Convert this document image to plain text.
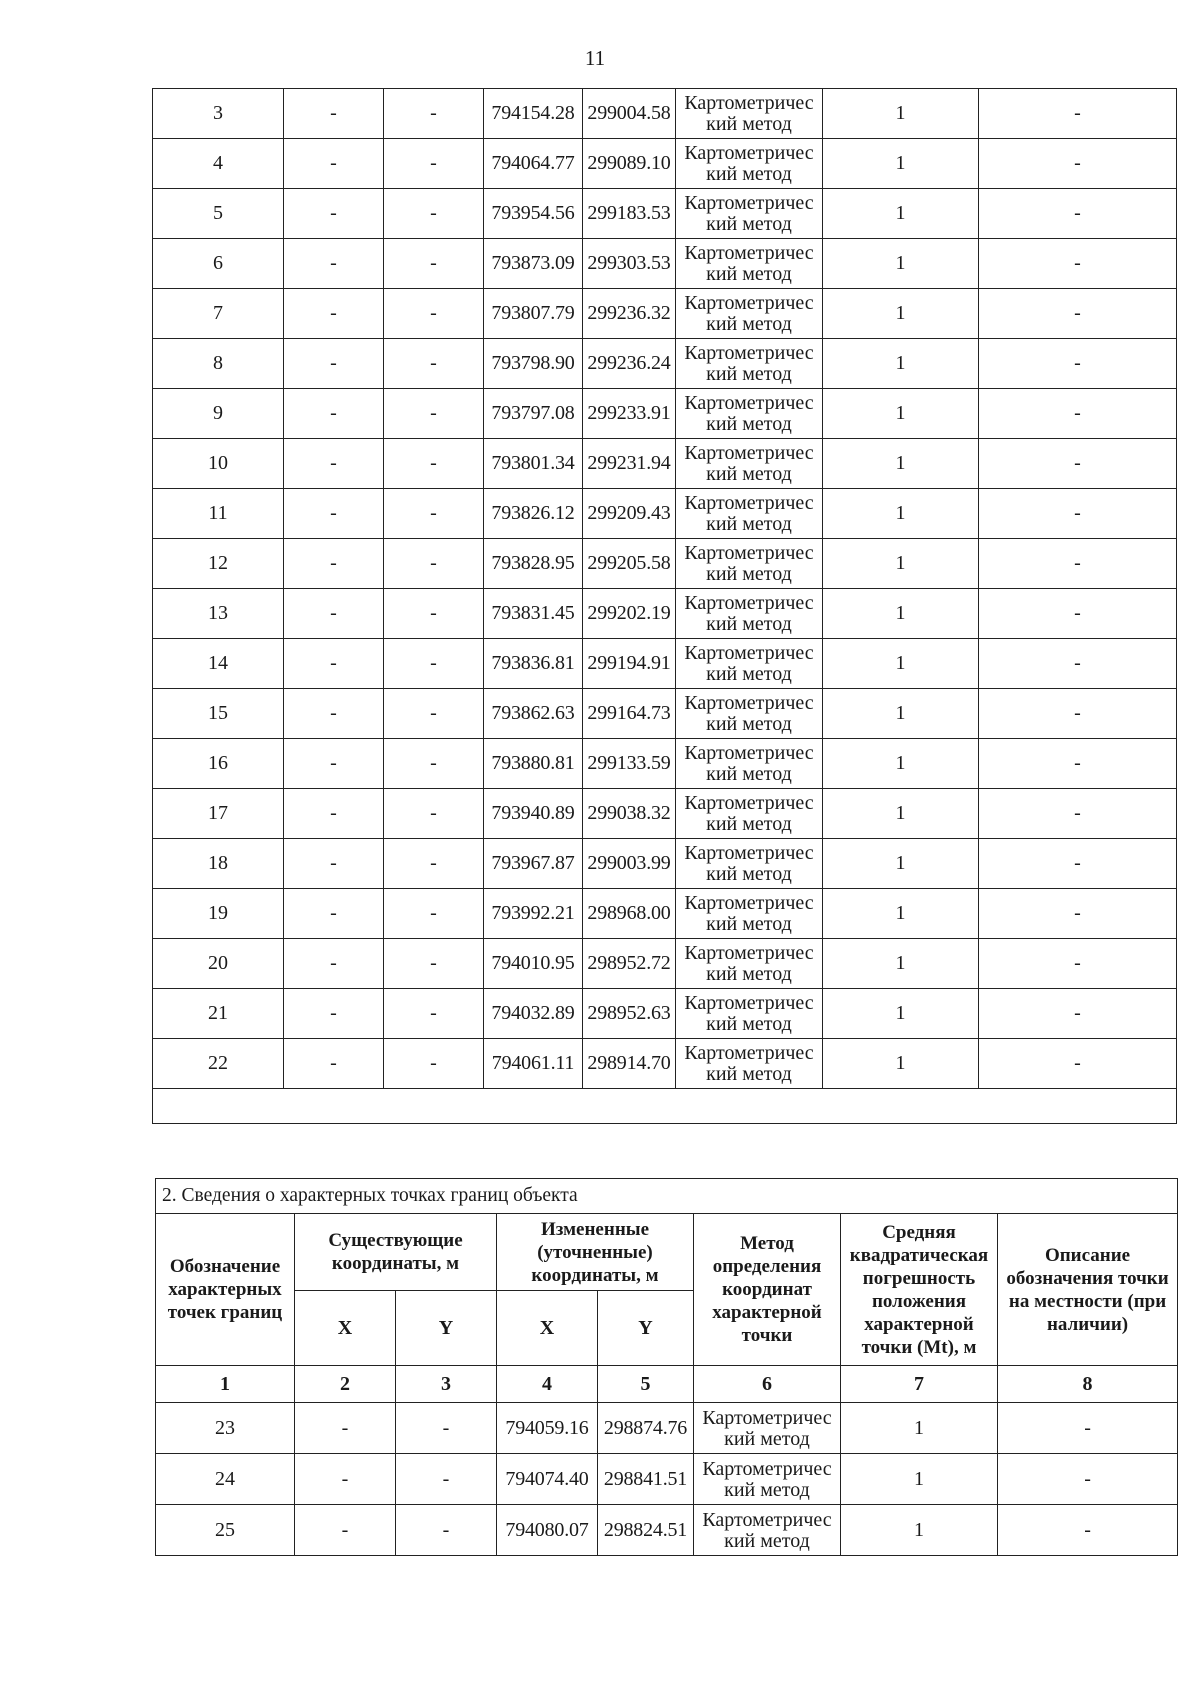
11
3	-	-	794154.28	299004.58	Картометричес
кий метод	1	-
4	-	-	794064.77	299089.10	Картометричес
кий метод	1	-
5	-	-	793954.56	299183.53	Картометричес
кий метод	1	-
6	-	-	793873.09	299303.53	Картометричес
кий метод	1	-
7	-	-	793807.79	299236.32	Картометричес
кий метод	1	-
8	-	-	793798.90	299236.24	Картометричес
кий метод	1	-
9	-	-	793797.08	299233.91	Картометричес
кий метод	1	-
10	-	-	793801.34	299231.94	Картометричес
кий метод	1	-
11	-	-	793826.12	299209.43	Картометричес
кий метод	1	-
12	-	-	793828.95	299205.58	Картометричес
кий метод	1	-
13	-	-	793831.45	299202.19	Картометричес
кий метод	1	-
14	-	-	793836.81	299194.91	Картометричес
кий метод	1	-
15	-	-	793862.63	299164.73	Картометричес
кий метод	1	-
16	-	-	793880.81	299133.59	Картометричес
кий метод	1	-
17	-	-	793940.89	299038.32	Картометричес
кий метод	1	-
18	-	-	793967.87	299003.99	Картометричес
кий метод	1	-
19	-	-	793992.21	298968.00	Картометричес
кий метод	1	-
20	-	-	794010.95	298952.72	Картометричес
кий метод	1	-
21	-	-	794032.89	298952.63	Картометричес
кий метод	1	-
22	-	-	794061.11	298914.70	Картометричес
кий метод	1	-

2. Сведения о характерных точках границ объекта							
Обозначение характерных точек границ	Существующие координаты, м		Измененные (уточненные) координаты, м		Метод определения координат характерной точки	Средняя квадратическая погрешность положения характерной точки (Mt), м	Описание обозначения точки на местности (при наличии)
	X	Y	X	Y			
1	2	3	4	5	6	7	8
23	-	-	794059.16	298874.76	Картометричес
кий метод	1	-
24	-	-	794074.40	298841.51	Картометричес
кий метод	1	-
25	-	-	794080.07	298824.51	Картометричес
кий метод	1	-
